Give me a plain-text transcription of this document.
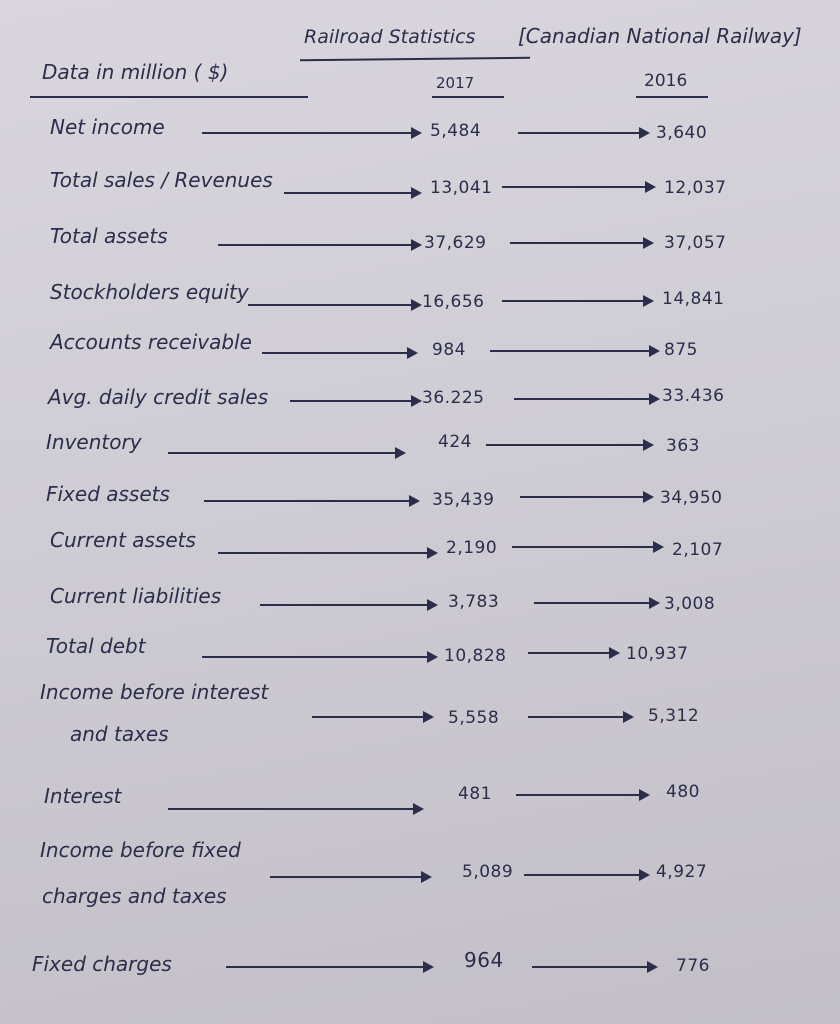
Railroad Statistics [Canadian National Railway]
Data in million ( $)	2017	2016
Net income	5,484	3,640
Total sales / Revenues	13,041	12,037
Total assets	37,629	37,057
Stockholders equity	16,656	14,841
Accounts receivable	984	875
Avg. daily credit sales	36.225	33.436
Inventory	424	363
Fixed assets	35,439	34,950
Current assets	2,190	2,107
Current liabilities	3,783	3,008
Total debt	10,828	10,937
Income before interest
and taxes
5,558	5,312
Interest	481	480
Income before fixed
charges and taxes
5,089	4,927
Fixed charges	964	776
